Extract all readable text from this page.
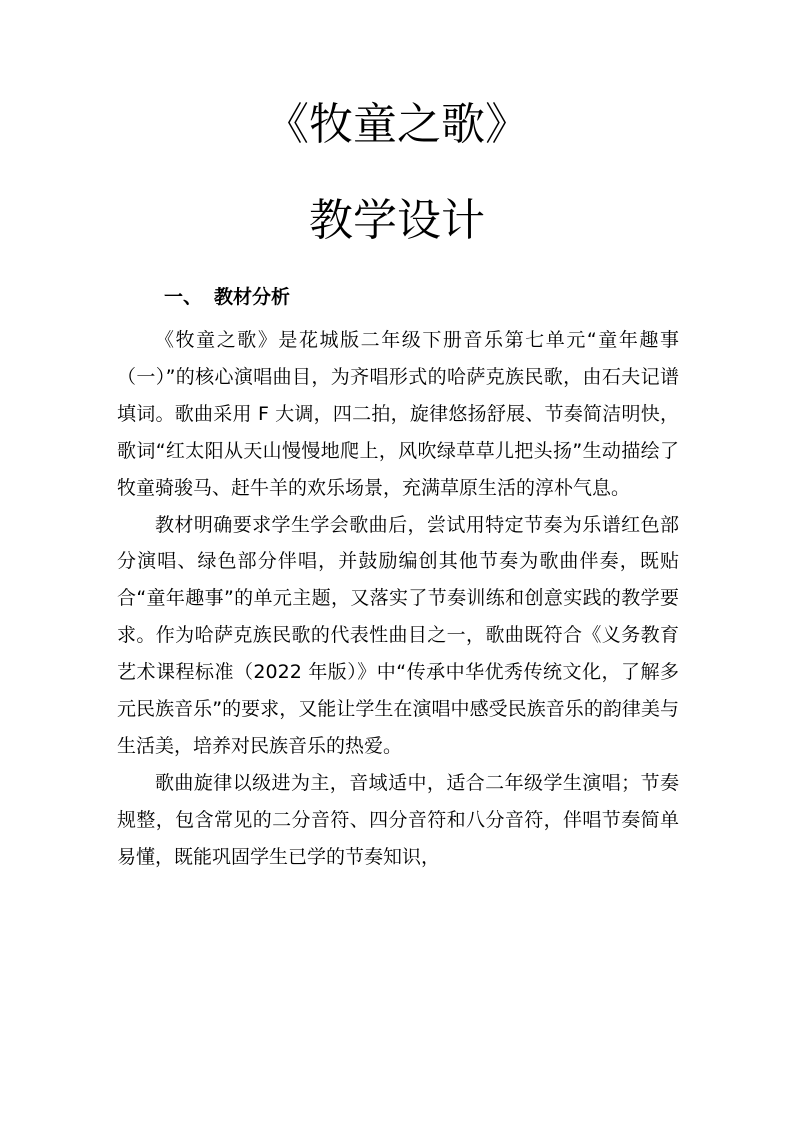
《牧童之歌》
教学设计
一、 教材分析

《牧童之歌》是花城版二年级下册音乐第七单元“童年趣事（一）”的核心演唱曲目，为齐唱形式的哈萨克族民歌，由石夫记谱填词。歌曲采用 F 大调，四二拍，旋律悠扬舒展、节奏简洁明快，歌词“红太阳从天山慢慢地爬上，风吹绿草草儿把头扬”生动描绘了牧童骑骏马、赶牛羊的欢乐场景，充满草原生活的淳朴气息。

教材明确要求学生学会歌曲后，尝试用特定节奏为乐谱红色部分演唱、绿色部分伴唱，并鼓励编创其他节奏为歌曲伴奏，既贴合“童年趣事”的单元主题，又落实了节奏训练和创意实践的教学要求。作为哈萨克族民歌的代表性曲目之一，歌曲既符合《义务教育艺术课程标准（2022 年版）》中“传承中华优秀传统文化，了解多元民族音乐”的要求，又能让学生在演唱中感受民族音乐的韵律美与生活美，培养对民族音乐的热爱。

歌曲旋律以级进为主，音域适中，适合二年级学生演唱；节奏规整，包含常见的二分音符、四分音符和八分音符，伴唱节奏简单易懂，既能巩固学生已学的节奏知识，
